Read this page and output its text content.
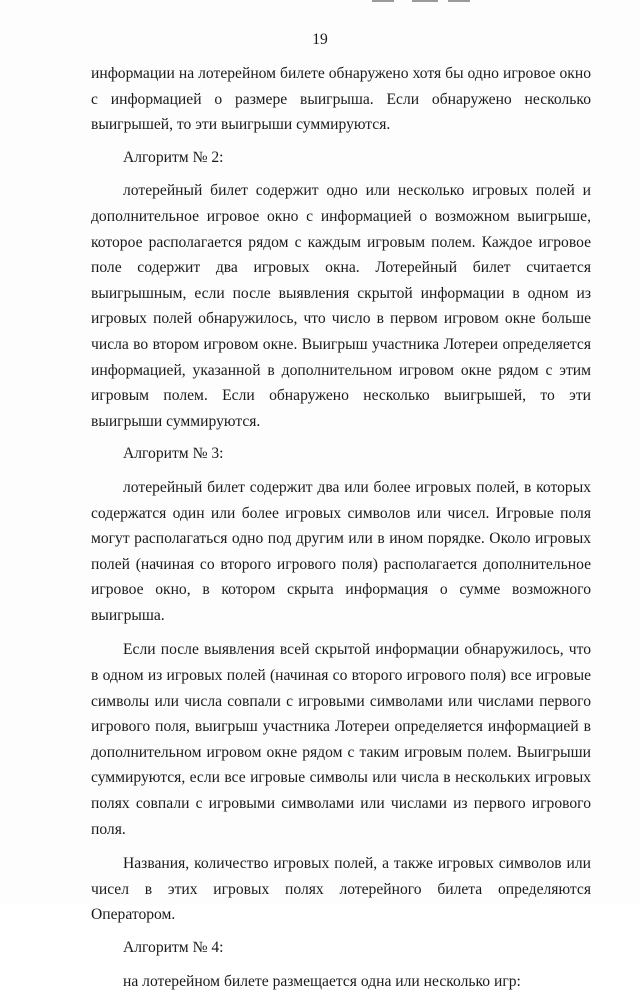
19

информации на лотерейном билете обнаружено хотя бы одно игровое окно с информацией о размере выигрыша. Если обнаружено несколько выигрышей, то эти выигрыши суммируются.

Алгоритм № 2:

лотерейный билет содержит одно или несколько игровых полей и дополнительное игровое окно с информацией о возможном выигрыше, которое располагается рядом с каждым игровым полем. Каждое игровое поле содержит два игровых окна. Лотерейный билет считается выигрышным, если после выявления скрытой информации в одном из игровых полей обнаружилось, что число в первом игровом окне больше числа во втором игровом окне. Выигрыш участника Лотереи определяется информацией, указанной в дополнительном игровом окне рядом с этим игровым полем. Если обнаружено несколько выигрышей, то эти выигрыши суммируются.

Алгоритм № 3:

лотерейный билет содержит два или более игровых полей, в которых содержатся один или более игровых символов или чисел. Игровые поля могут располагаться одно под другим или в ином порядке. Около игровых полей (начиная со второго игрового поля) располагается дополнительное игровое окно, в котором скрыта информация о сумме возможного выигрыша.

Если после выявления всей скрытой информации обнаружилось, что в одном из игровых полей (начиная со второго игрового поля) все игровые символы или числа совпали с игровыми символами или числами первого игрового поля, выигрыш участника Лотереи определяется информацией в дополнительном игровом окне рядом с таким игровым полем. Выигрыши суммируются, если все игровые символы или числа в нескольких игровых полях совпали с игровыми символами или числами из первого игрового поля.

Названия, количество игровых полей, а также игровых символов или чисел в этих игровых полях лотерейного билета определяются Оператором.

Алгоритм № 4:

на лотерейном билете размещается одна или несколько игр:
